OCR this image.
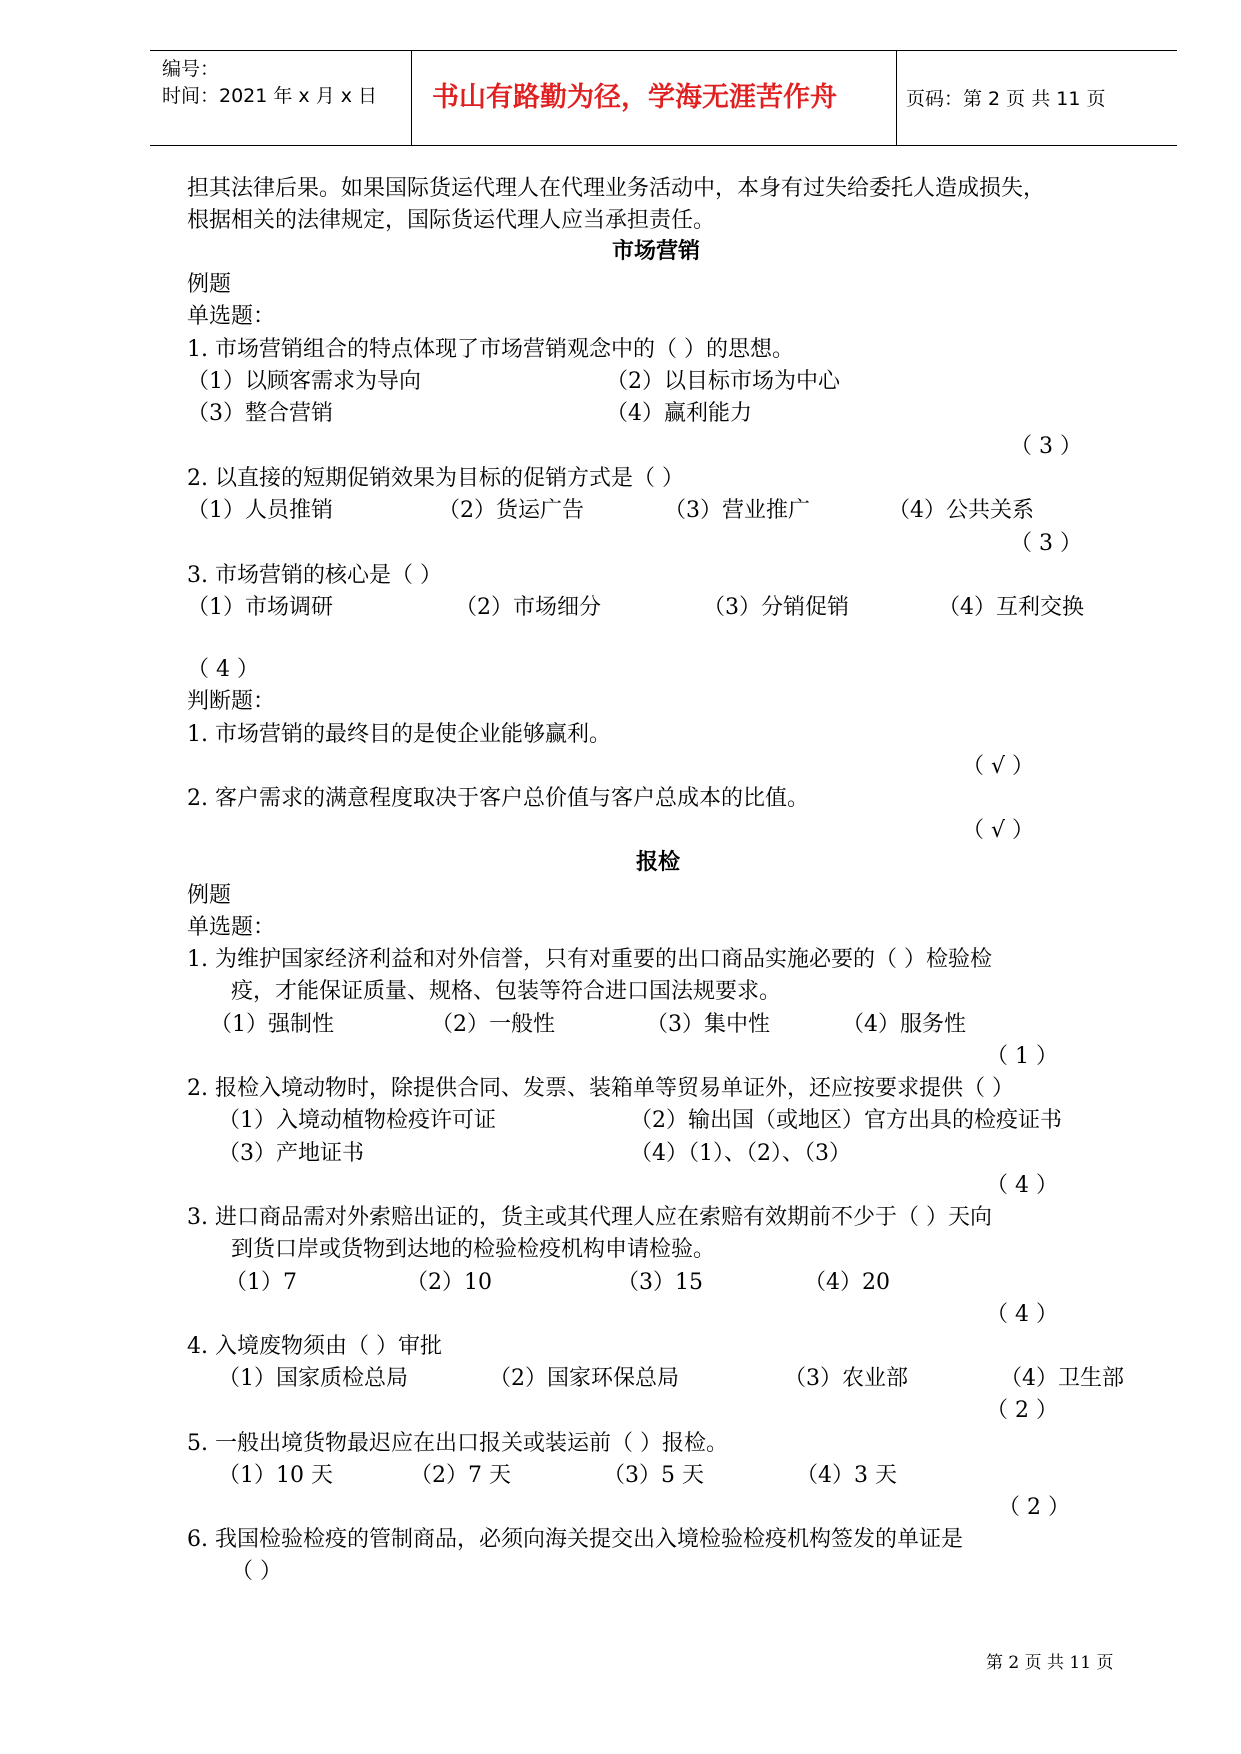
编号：
时间：2021 年 x 月 x 日 书山有路勤为径，学海无涯苦作舟	页码：第 2 页 共 11 页
担其法律后果。如果国际货运代理人在代理业务活动中，本身有过失给委托人造成损失，
根据相关的法律规定，国际货运代理人应当承担责任。
市场营销
例题
单选题：
1. 市场营销组合的特点体现了市场营销观念中的（ ）的思想。
（1）以顾客需求为导向	（2）以目标市场为中心
（3）整合营销	（4）赢利能力
（ 3 ）
2. 以直接的短期促销效果为目标的促销方式是（ ）
（1）人员推销	（2）货运广告	（3）营业推广	（4）公共关系
（ 3 ）
3. 市场营销的核心是（ ）
（1）市场调研	（2）市场细分	（3）分销促销	（4）互利交换
（ 4 ）
判断题：
1. 市场营销的最终目的是使企业能够赢利。
（ √ ）
2. 客户需求的满意程度取决于客户总价值与客户总成本的比值。
（ √ ）
报检
例题
单选题：
1. 为维护国家经济利益和对外信誉，只有对重要的出口商品实施必要的（ ）检验检
疫，才能保证质量、规格、包装等符合进口国法规要求。
（1）强制性	（2）一般性	（3）集中性	（4）服务性
（ 1 ）
2. 报检入境动物时，除提供合同、发票、装箱单等贸易单证外，还应按要求提供（ ）
（1）入境动植物检疫许可证	（2）输出国（或地区）官方出具的检疫证书
（3）产地证书	（4）（1）、（2）、（3）
（ 4 ）
3. 进口商品需对外索赔出证的，货主或其代理人应在索赔有效期前不少于（ ）天向
到货口岸或货物到达地的检验检疫机构申请检验。
（1）7	（2）10	（3）15	（4）20
（ 4 ）
4. 入境废物须由（ ）审批
（1）国家质检总局	（2）国家环保总局	（3）农业部	（4）卫生部
（ 2 ）
5. 一般出境货物最迟应在出口报关或装运前（ ）报检。
（1）10 天	（2）7 天	（3）5 天	（4）3 天
（ 2 ）
6. 我国检验检疫的管制商品，必须向海关提交出入境检验检疫机构签发的单证是
（ ）
第 2 页 共 11 页
